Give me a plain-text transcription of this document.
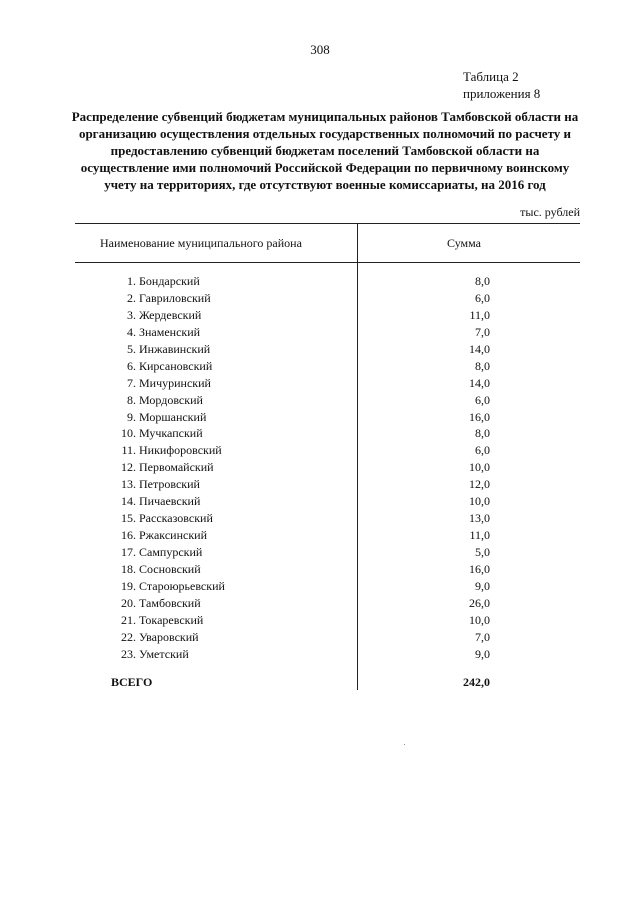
308
Таблица 2
приложения 8
Распределение субвенций бюджетам муниципальных районов Тамбовской области на организацию осуществления отдельных государственных полномочий по расчету и предоставлению субвенций бюджетам поселений Тамбовской области на осуществление ими полномочий Российской Федерации по первичному воинскому учету на территориях, где отсутствуют военные комиссариаты, на 2016 год
тыс. рублей
Наименование муниципального района	Сумма
1. Бондарский	8,0
2. Гавриловский	6,0
3. Жердевский	11,0
4. Знаменский	7,0
5. Инжавинский	14,0
6. Кирсановский	8,0
7. Мичуринский	14,0
8. Мордовский	6,0
9. Моршанский	16,0
10. Мучкапский	8,0
11. Никифоровский	6,0
12. Первомайский	10,0
13. Петровский	12,0
14. Пичаевский	10,0
15. Рассказовский	13,0
16. Ржаксинский	11,0
17. Сампурский	5,0
18. Сосновский	16,0
19. Староюрьевский	9,0
20. Тамбовский	26,0
21. Токаревский	10,0
22. Уваровский	7,0
23. Уметский	9,0
ВСЕГО	242,0
